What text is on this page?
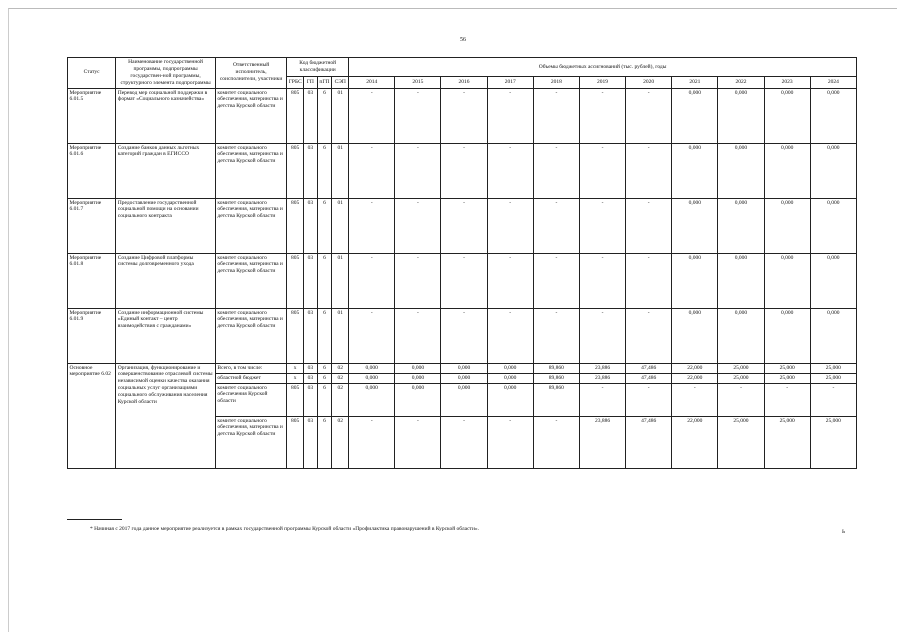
56
Статус	Наименование государственной программы, подпрограммы государствен-ной программы, структурного элемента подпрограммы	Ответственный исполнитель, соисполнители, участники	Код бюджетной классификации				Объемы бюджетных ассигнований (тыс. рублей), годы										
			ГРБС	ГП	пГП	СЭП	2014	2015	2016	2017	2018	2019	2020	2021	2022	2023	2024
Мероприятие 6.01.5	Перевод мер социальной поддержки в формат «Социального казначейства»	комитет социального обеспечения, материнства и детства Курской области	805	03	6	01	-	-	-	-	-	-	-	0,000	0,000	0,000	0,000
Мероприятие 6.01.6	Создание банков данных льготных категорий граждан в ЕГИССО	комитет социального обеспечения, материнства и детства Курской области	805	03	6	01	-	-	-	-	-	-	-	0,000	0,000	0,000	0,000
Мероприятие 6.01.7	Предоставление государственной социальной помощи на основании социального контракта	комитет социального обеспечения, материнства и детства Курской области	805	03	6	01	-	-	-	-	-	-	-	0,000	0,000	0,000	0,000
Мероприятие 6.01.8	Создание Цифровой платформы системы долговременного ухода	комитет социального обеспечения, материнства и детства Курской области	805	03	6	01	-	-	-	-	-	-	-	0,000	0,000	0,000	0,000
Мероприятие 6.01.9	Создание информационной системы «Единый контакт – центр взаимодействия с гражданами»	комитет социального обеспечения, материнства и детства Курской области	805	03	6	01	-	-	-	-	-	-	-	0,000	0,000	0,000	0,000
Основное мероприятие 6.02	Организация, функционирование и совершенствование отраслевой системы независимой оценки качества оказания социальных услуг организациями социального обслуживания населения Курской области	Всего, в том числе:	х	03	6	02	0,000	0,000	0,000	0,000	89,860	23,886	47,486	22,000	25,000	25,000	25,000
		областной бюджет	х	03	6	02	0,000	0,000	0,000	0,000	89,860	23,886	47,486	22,000	25,000	25,000	25,000
		комитет социального обеспечения Курской области	805	03	6	02	0,000	0,000	0,000	0,000	89,860	-	-	-	-	-	-
		комитет социального обеспечения, материнства и детства Курской области	805	03	6	02	-	-	-	-	-	23,886	47,486	22,000	25,000	25,000	25,000
* Начиная с 2017 года данное мероприятие реализуется в рамках государственной программы Курской области «Профилактика правонарушений в Курской области».	Ь
